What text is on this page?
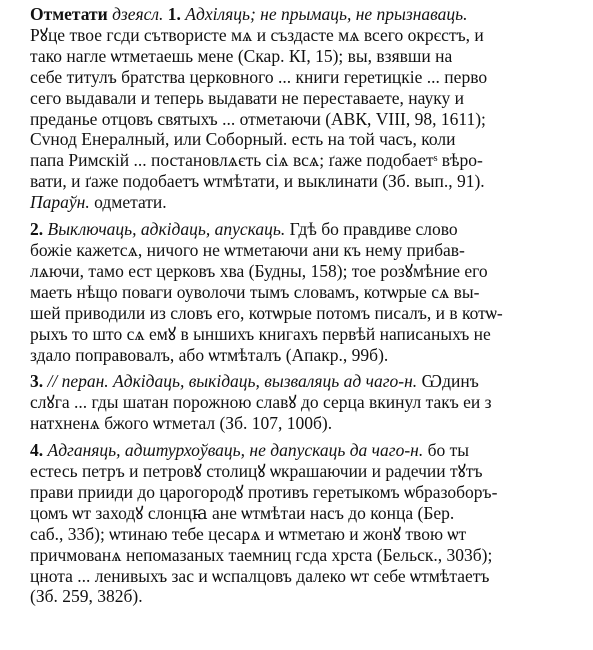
Отметати дзеясл. 1. Адхіляць; не прымаць, не прызнаваць.
Рꙋце твое гсди сътвористе мѧ и създасте мѧ всего окрєстъ, и
тако нагле ѡтметаешь мене (Скар. КІ, 15); вы, взявши на
себе титулъ братства церковного ... книги геретицкіе ... перво
сего выдавали и теперь выдавати не переставаете, науку и
преданье отцовъ святыхъ ... отметаючи (АВК, VIII, 98, 1611);
Сvнод Енералный, или Соборный. есть на той часъ, коли
папа Римскій ... постановлѧєть сіѧ всѧ; ґаже подобаетˢ вѣро-
вати, и ґаже подобаетъ ѡтмѣтати, и выклинати (Зб. вып., 91).
Параўн. одметати.
2. Выключаць, адкідаць, апускаць. Гдѣ бо правдиве слово
божіе кажетсѧ, ничого не ѡтметаючи ани къ нему прибав-
лѧючи, тамо ест церковъ хва (Будны, 158); тое розꙋмѣние его
маеть нѣщо поваги оуволочи тымъ словамъ, котѡрые сѧ вы-
шей приводили из словъ его, котѡрые потомъ писалъ, и в котѡ-
рыхъ то што сѧ емꙋ в ыншихъ книгахъ первѣй написаныхъ не
здало поправовалъ, або ѡтмѣталъ (Апакр., 99б).
3. // перан. Адкідаць, выкідаць, вызваляць ад чаго-н. Ѡдинъ
слꙋга ... гды шатан порожною славꙋ до серца вкинул такъ еи з
натхненѧ бжого ѡтметал (Зб. 107, 100б).
4. Адганяць, адштурхоўваць, не дапускаць да чаго-н. бо ты
естесь петръ и петровꙋ столицꙋ ѡкрашаючии и радечии тꙋтъ
прави прииди до царогородꙋ противъ геретыкомъ ѡбразоборъ-
цомъ ѡт заходꙋ слонцꙗ ане ѡтмѣтаи насъ до конца (Бер.
саб., 33б); ѡтинаю тебе цесарѧ и ѡтметаю и жонꙋ твою ѡт
причмованѧ непомазаных таемниц гсда хрста (Бельск., 303б);
цнота ... ленивыхъ зас и ѡспалцовъ далеко ѡт себе ѡтмѣтаетъ
(Зб. 259, 382б).
